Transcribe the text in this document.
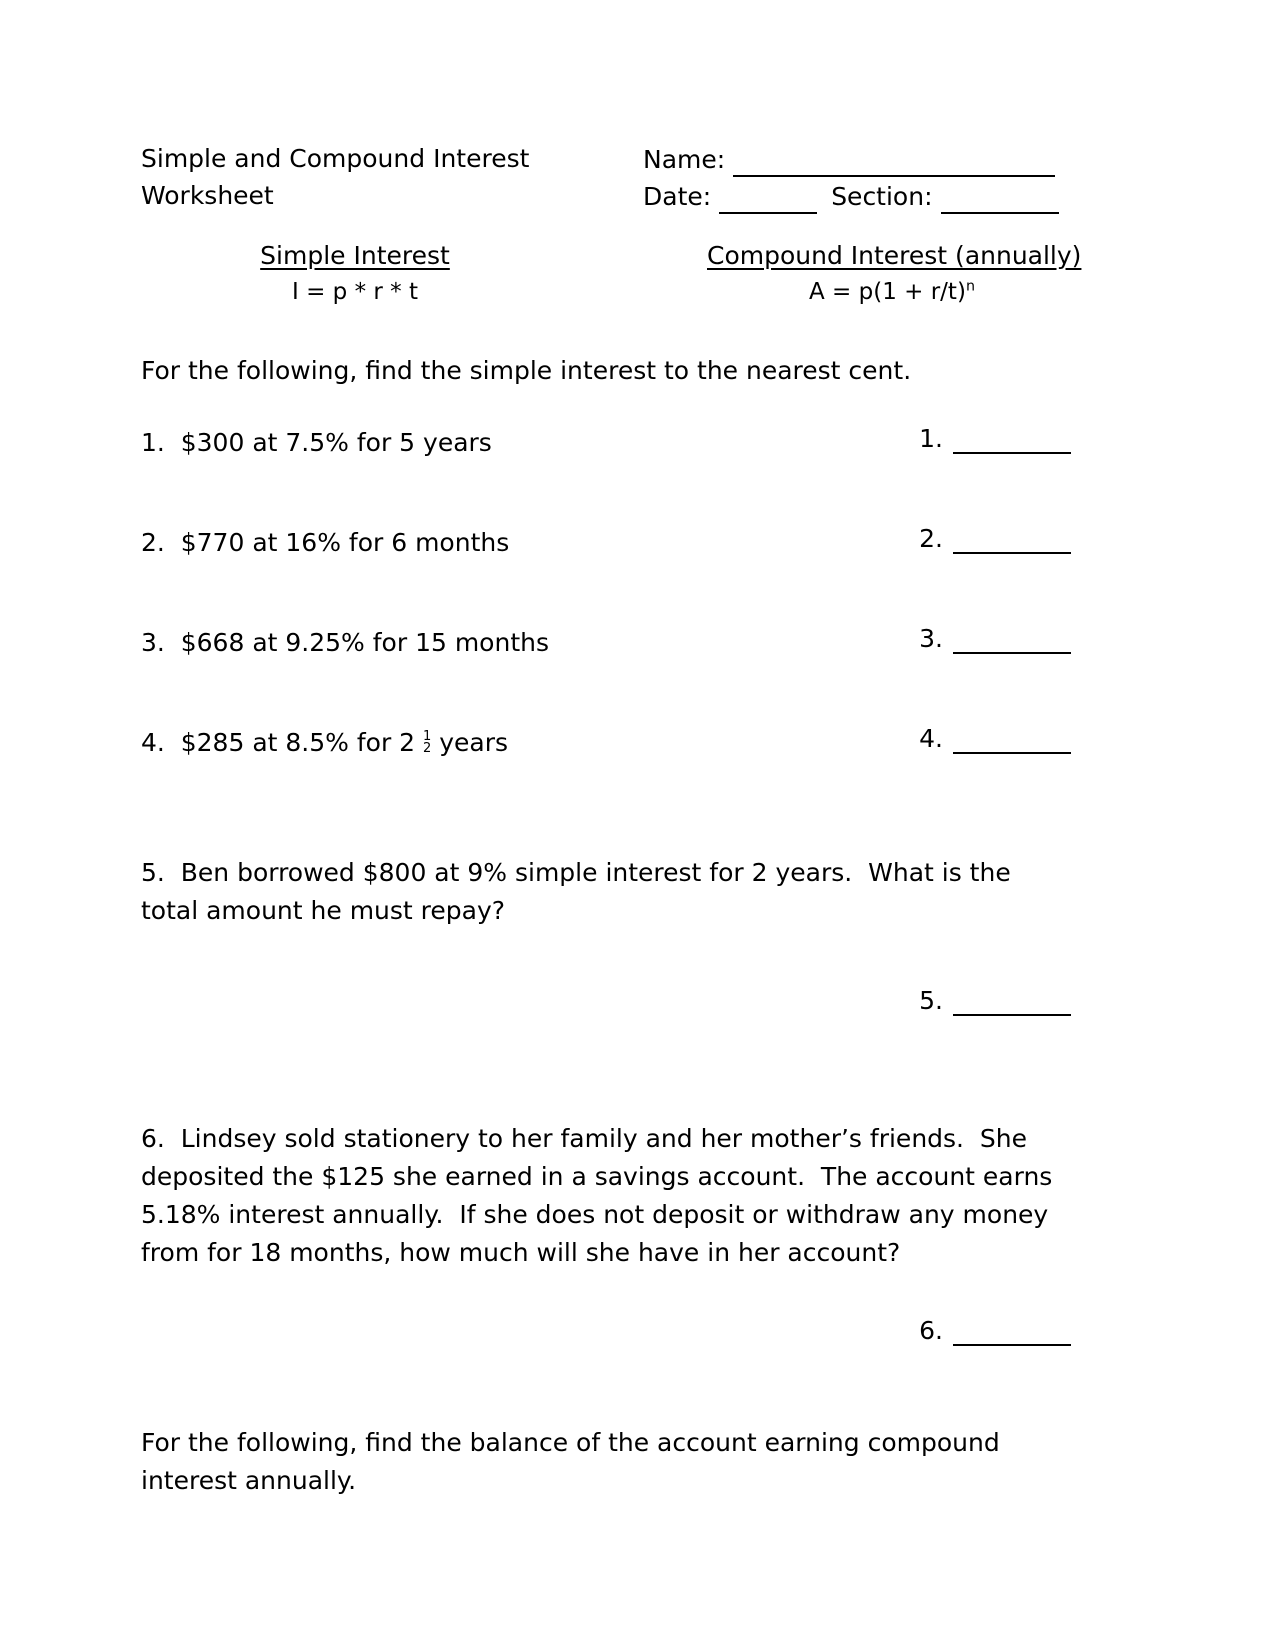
Simple and Compound Interest
Worksheet
Name:
Date:	Section:
Simple Interest
I = p * r * t
Compound Interest (annually)
$A = p(1 + r/t)^n$
For the following, find the simple interest to the nearest cent.
1.  $300 at 7.5% for 5 years	1.
2.  $770 at 16% for 6 months	2.
3.  $668 at 9.25% for 15 months	3.
4.  $285 at 8.5% for 2 1
2 years	4.
5.  Ben borrowed $800 at 9% simple interest for 2 years.  What is the total amount he must repay?
5.
6.  Lindsey sold stationery to her family and her mother’s friends.  She deposited the $125 she earned in a savings account.  The account earns 5.18% interest annually.  If she does not deposit or withdraw any money from for 18 months, how much will she have in her account?
6.
For the following, find the balance of the account earning compound interest annually.
